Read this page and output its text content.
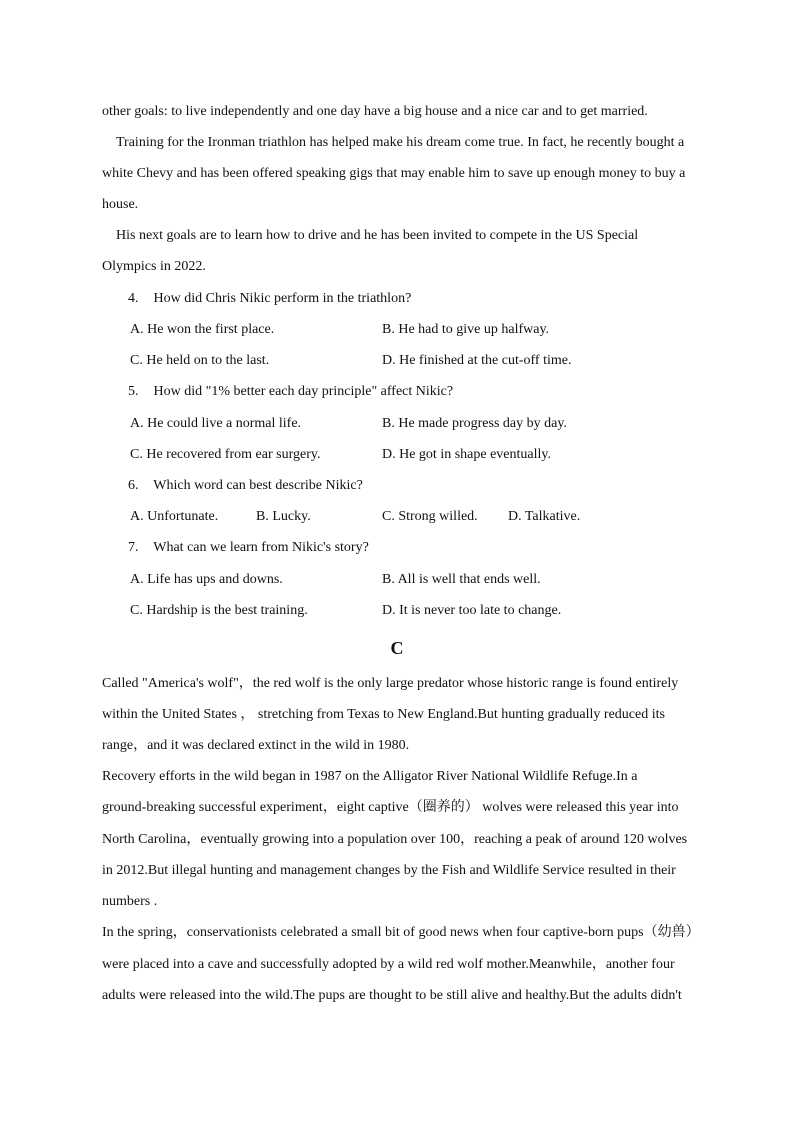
other goals: to live independently and one day have a big house and a nice car and to get married.
Training for the Ironman triathlon has helped make his dream come true. In fact, he recently bought a
white Chevy and has been offered speaking gigs that may enable him to save up enough money to buy a
house.
His next goals are to learn how to drive and he has been invited to compete in the US Special
Olympics in 2022.
4. How did Chris Nikic perform in the triathlon?
A. He won the first place.	B. He had to give up halfway.
C. He held on to the last.	D. He finished at the cut-off time.
5. How did "1% better each day principle" affect Nikic?
A. He could live a normal life.	B. He made progress day by day.
C. He recovered from ear surgery.	D. He got in shape eventually.
6. Which word can best describe Nikic?
A. Unfortunate.	B. Lucky.	C. Strong willed. D. Talkative.
7. What can we learn from Nikic's story?
A. Life has ups and downs.	B. All is well that ends well.
C. Hardship is the best training.	D. It is never too late to change.
C
Called "America's wolf"，the red wolf is the only large predator whose historic range is found entirely
within the United States ， stretching from Texas to New England.But hunting gradually reduced its
range，and it was declared extinct in the wild in 1980.
Recovery efforts in the wild began in 1987 on the Alligator River National Wildlife Refuge.In a
ground-breaking successful experiment，eight captive（圈养的） wolves were released this year into
North Carolina，eventually growing into a population over 100，reaching a peak of around 120 wolves
in 2012.But illegal hunting and management changes by the Fish and Wildlife Service resulted in their
numbers .
In the spring，conservationists celebrated a small bit of good news when four captive-born pups（幼兽）
were placed into a cave and successfully adopted by a wild red wolf mother.Meanwhile，another four
adults were released into the wild.The pups are thought to be still alive and healthy.But the adults didn't
